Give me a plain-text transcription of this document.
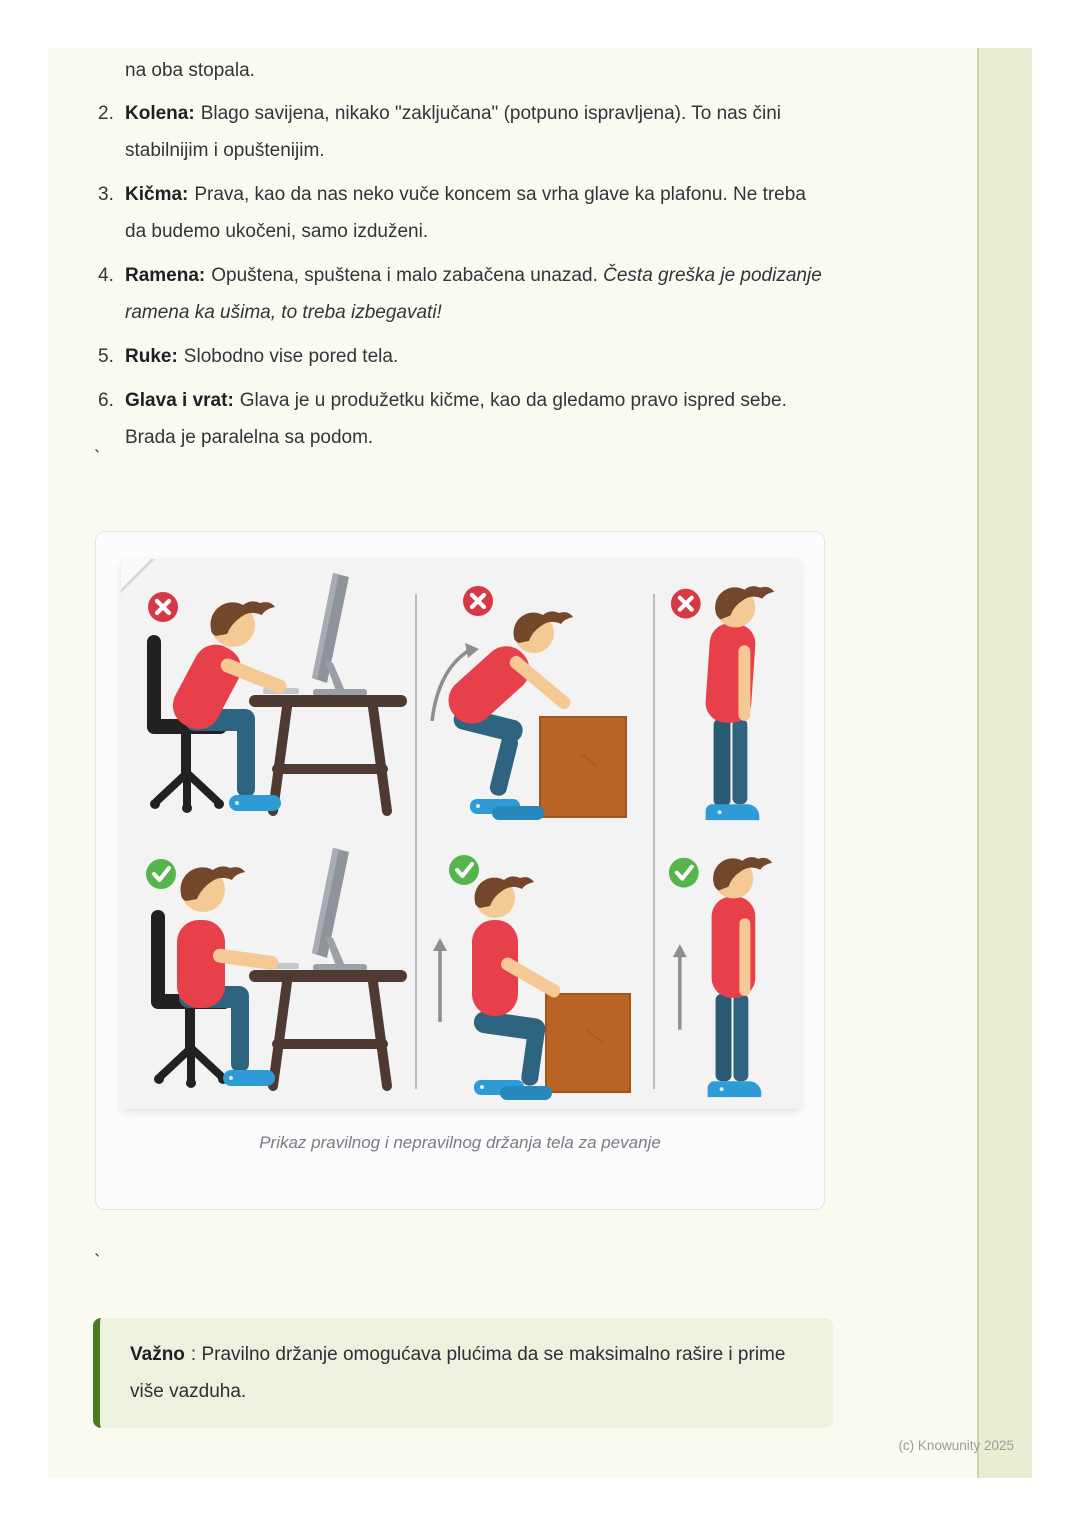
na oba stopala.
2. Kolena: Blago savijena, nikako "zaključana" (potpuno ispravljena). To nas čini stabilnijim i opuštenijim.
3. Kičma: Prava, kao da nas neko vuče koncem sa vrha glave ka plafonu. Ne treba da budemo ukočeni, samo izduženi.
4. Ramena: Opuštena, spuštena i malo zabačena unazad. Česta greška je podizanje ramena ka ušima, to treba izbegavati!
5. Ruke: Slobodno vise pored tela.
6. Glava i vrat: Glava je u produžetku kičme, kao da gledamo pravo ispred sebe. Brada je paralelna sa podom.
`
Prikaz pravilnog i nepravilnog držanja tela za pevanje
`
Važno : Pravilno držanje omogućava plućima da se maksimalno rašire i prime više vazduha.
(c) Knowunity 2025
